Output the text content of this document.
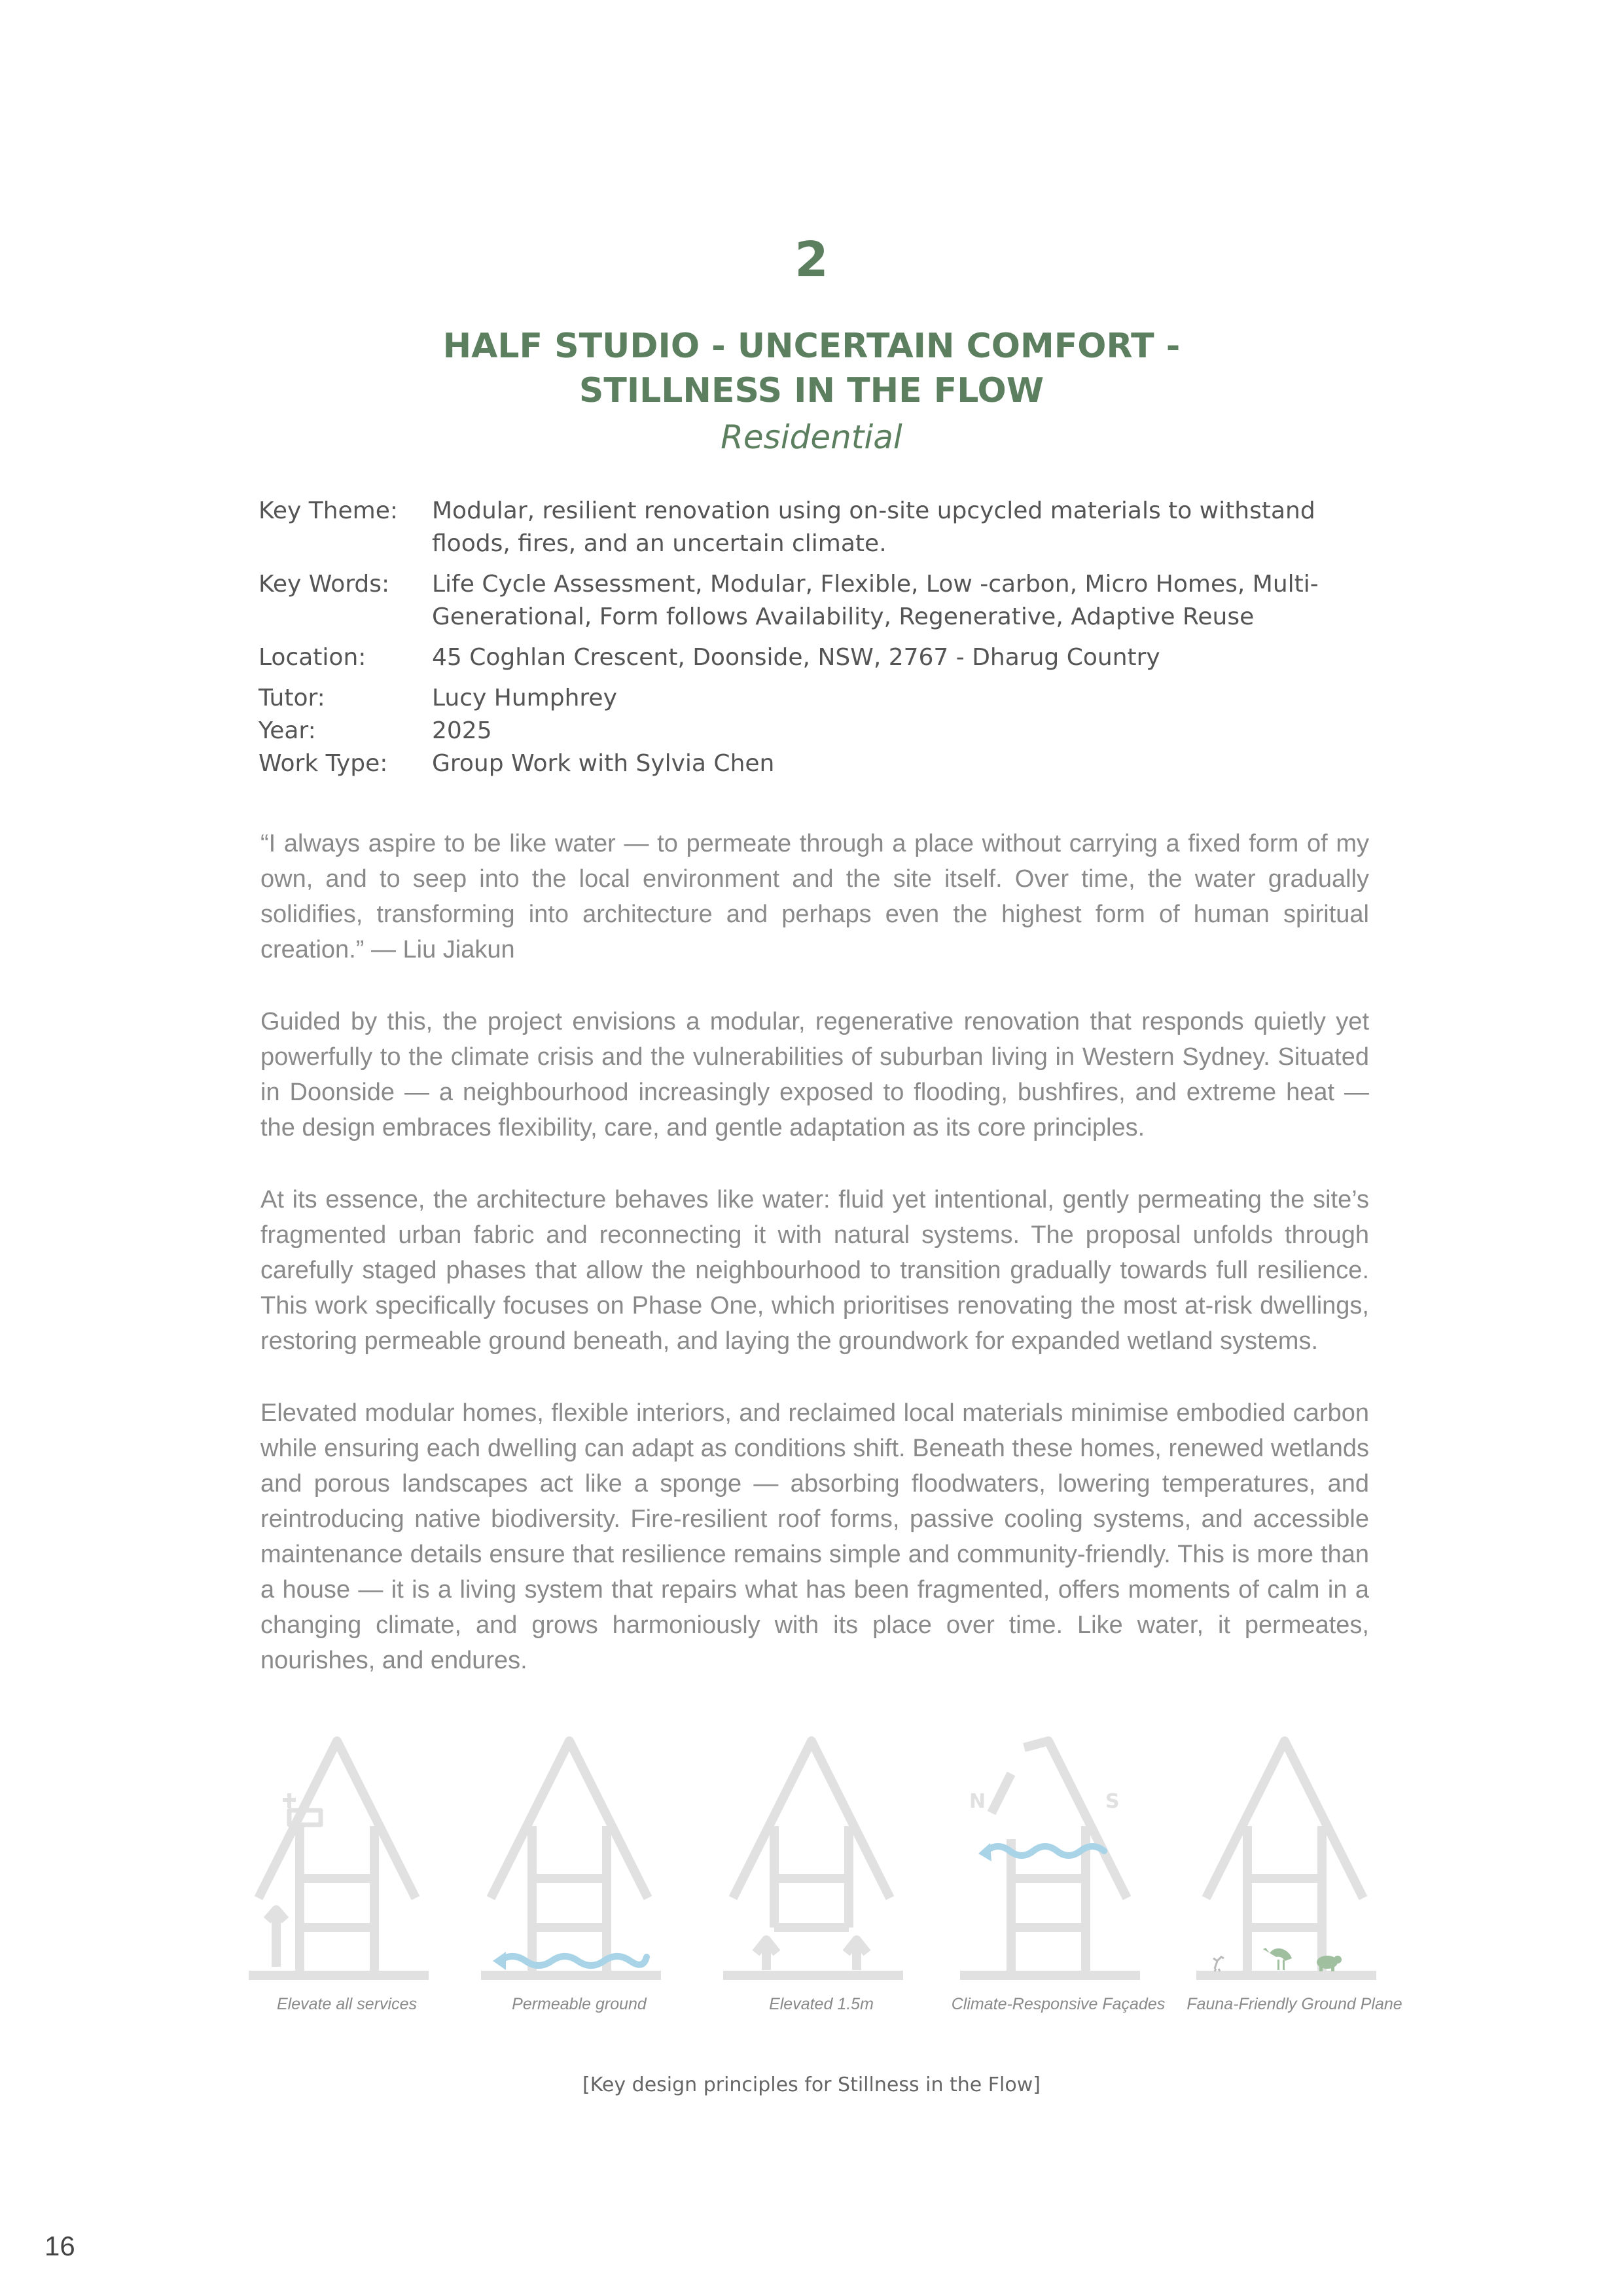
2
HALF STUDIO - UNCERTAIN COMFORT -
STILLNESS IN THE FLOW
Residential
Key Theme:	Modular, resilient renovation using on-site upcycled materials to withstand floods, fires, and an uncertain climate.
Key Words:	Life Cycle Assessment, Modular, Flexible, Low -carbon, Micro Homes, Multi-Generational, Form follows Availability, Regenerative, Adaptive Reuse
Location:	45 Coghlan Crescent, Doonside, NSW, 2767 - Dharug Country
Tutor:	Lucy Humphrey
Year:	2025
Work Type:	Group Work with Sylvia Chen

“I always aspire to be like water — to permeate through a place without carrying a fixed form of my own, and to seep into the local environment and the site itself. Over time, the water gradually solidifies, transforming into architecture and perhaps even the highest form of human spiritual creation.” — Liu Jiakun

Guided by this, the project envisions a modular, regenerative renovation that responds quietly yet powerfully to the climate crisis and the vulnerabilities of suburban living in Western Sydney. Situated in Doonside — a neighbourhood increasingly exposed to flooding, bushfires, and extreme heat — the design embraces flexibility, care, and gentle adaptation as its core principles.

At its essence, the architecture behaves like water: fluid yet intentional, gently permeating the site’s fragmented urban fabric and reconnecting it with natural systems. The proposal unfolds through carefully staged phases that allow the neighbourhood to transition gradually towards full resilience. This work specifically focuses on Phase One, which prioritises renovating the most at-risk dwellings, restoring permeable ground beneath, and laying the groundwork for expanded wetland systems.

Elevated modular homes, flexible interiors, and reclaimed local materials minimise embodied carbon while ensuring each dwelling can adapt as conditions shift. Beneath these homes, renewed wetlands and porous landscapes act like a sponge — absorbing floodwaters, lowering temperatures, and reintroducing native biodiversity. Fire-resilient roof forms, passive cooling systems, and accessible maintenance details ensure that resilience remains simple and community-friendly. This is more than a house — it is a living system that repairs what has been fragmented, offers moments of calm in a changing climate, and grows harmoniously with its place over time. Like water, it permeates, nourishes, and endures.

Elevate all services	Permeable ground	Elevated 1.5m
N	S
Climate-Responsive Façades	Fauna-Friendly Ground Plane
[Key design principles for Stillness in the Flow]
16
